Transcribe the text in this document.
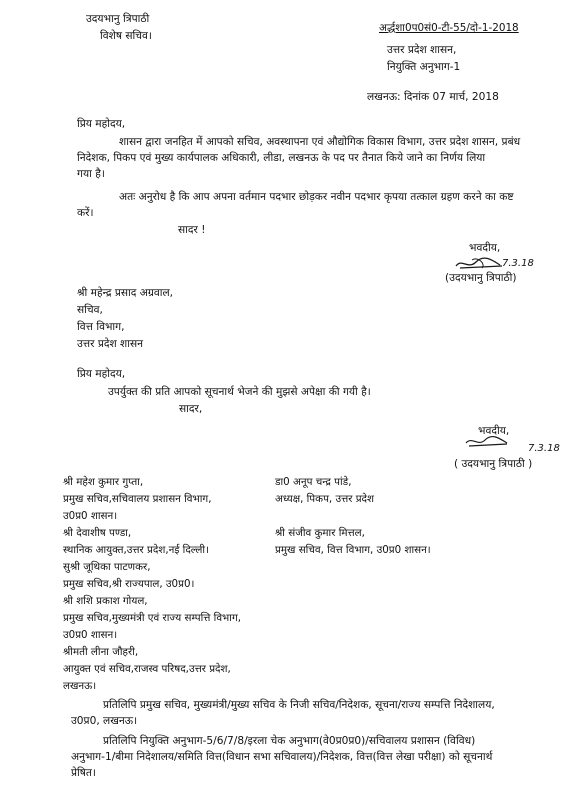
उदयभानु त्रिपाठी
विशेष सचिव।
अर्द्धशा0प0सं0-टी-55/दो-1-2018
उत्तर प्रदेश शासन,
नियुक्ति अनुभाग-1
लखनऊ: दिनांक 07 मार्च, 2018
प्रिय महोदय,
शासन द्वारा जनहित में आपको सचिव, अवस्थापना एवं औद्योगिक विकास विभाग, उत्तर प्रदेश शासन, प्रबंध
निदेशक, पिकप एवं मुख्य कार्यपालक अधिकारी, लीडा, लखनऊ के पद पर तैनात किये जाने का निर्णय लिया
गया है।
अतः अनुरोध है कि आप अपना वर्तमान पदभार छोड़कर नवीन पदभार कृपया तत्काल ग्रहण करने का कष्ट
करें।
सादर !
भवदीय,
7.3.18
(उदयभानु त्रिपाठी)
श्री महेन्द्र प्रसाद अग्रवाल,
सचिव,
वित्त विभाग,
उत्तर प्रदेश शासन
प्रिय महोदय,
उपर्युक्त की प्रति आपको सूचनार्थ भेजने की मुझसे अपेक्षा की गयी है।
सादर,
भवदीय,
7.3.18
( उदयभानु त्रिपाठी )
श्री महेश कुमार गुप्ता,
प्रमुख सचिव,सचिवालय प्रशासन विभाग,
उ0प्र0 शासन।
श्री देवाशीष पण्डा,
स्थानिक आयुक्त,उत्तर प्रदेश,नई दिल्ली।
सुश्री जूथिका पाटणकर,
प्रमुख सचिव,श्री राज्यपाल, उ0प्र0।
श्री शशि प्रकाश गोयल,
प्रमुख सचिव,मुख्यमंत्री एवं राज्य सम्पत्ति विभाग,
उ0प्र0 शासन।
श्रीमती लीना जौहरी,
आयुक्त एवं सचिव,राजस्व परिषद,उत्तर प्रदेश,
लखनऊ।
डा0 अनूप चन्द्र पांडे,
अध्यक्ष, पिकप, उत्तर प्रदेश
श्री संजीव कुमार मित्तल,
प्रमुख सचिव, वित्त विभाग, उ0प्र0 शासन।
प्रतिलिपि प्रमुख सचिव, मुख्यमंत्री/मुख्य सचिव के निजी सचिव/निदेशक, सूचना/राज्य सम्पत्ति निदेशालय,
उ0प्र0, लखनऊ।
प्रतिलिपि नियुक्ति अनुभाग-5/6/7/8/इरला चेक अनुभाग(वे0प्र0प्र0)/सचिवालय प्रशासन (विविध)
अनुभाग-1/बीमा निदेशालय/समिति वित्त(विधान सभा सचिवालय)/निदेशक, वित्त(वित्त लेखा परीक्षा) को सूचनार्थ
प्रेषित।
